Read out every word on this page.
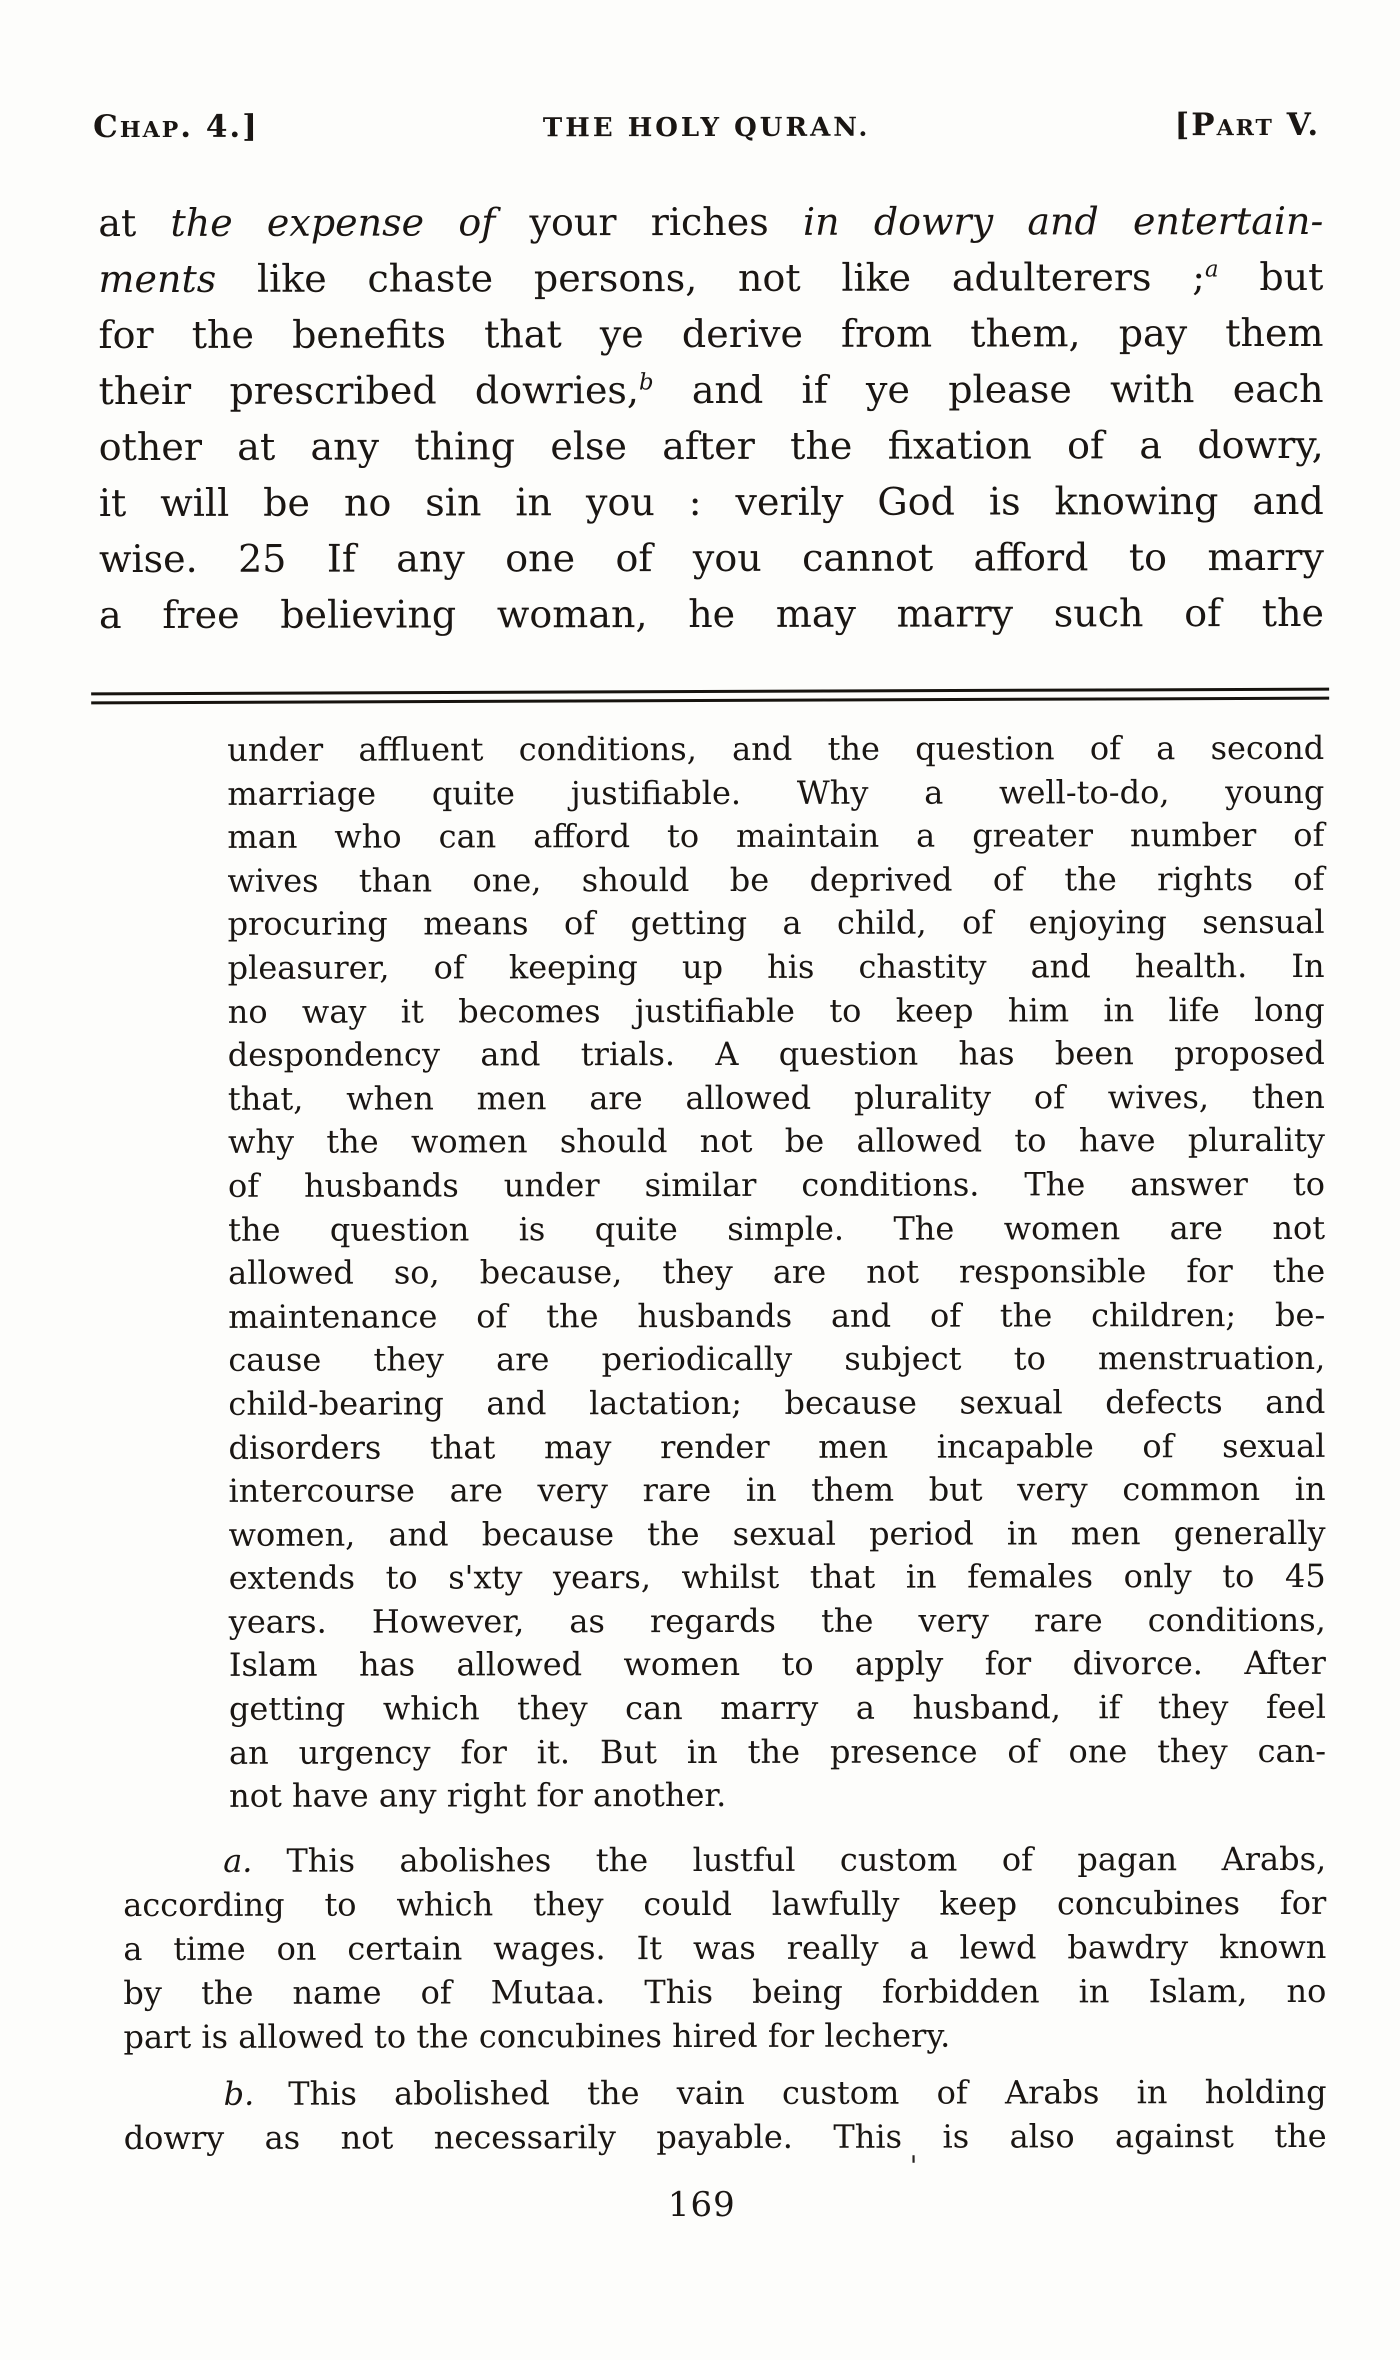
Chap. 4.]	THE HOLY QURAN.	[Part V.
at the expense of your riches in dowry and entertain-
ments like chaste persons, not like adulterers ;$^a$ but
for the benefits that ye derive from them, pay them
their prescribed dowries,$^b$ and if ye please with each
other at any thing else after the fixation of a dowry,
it will be no sin in you : verily God is knowing and
wise. 25 If any one of you cannot afford to marry
a free believing woman, he may marry such of the
under affluent conditions, and the question of a second
marriage quite justifiable. Why a well-to-do, young
man who can afford to maintain a greater number of
wives than one, should be deprived of the rights of
procuring means of getting a child, of enjoying sensual
pleasurer, of keeping up his chastity and health. In
no way it becomes justifiable to keep him in life long
despondency and trials. A question has been proposed
that, when men are allowed plurality of wives, then
why the women should not be allowed to have plurality
of husbands under similar conditions. The answer to
the question is quite simple. The women are not
allowed so, because, they are not responsible for the
maintenance of the husbands and of the children; be-
cause they are periodically subject to menstruation,
child-bearing and lactation; because sexual defects and
disorders that may render men incapable of sexual
intercourse are very rare in them but very common in
women, and because the sexual period in men generally
extends to s'xty years, whilst that in females only to 45
years. However, as regards the very rare conditions,
Islam has allowed women to apply for divorce. After
getting which they can marry a husband, if they feel
an urgency for it. But in the presence of one they can-
not have any right for another.
a. This abolishes the lustful custom of pagan Arabs,
according to which they could lawfully keep concubines for
a time on certain wages. It was really a lewd bawdry known
by the name of Mutaa. This being forbidden in Islam, no
part is allowed to the concubines hired for lechery.
b. This abolished the vain custom of Arabs in holding
dowry as not necessarily payable. This is also against the
169
'
